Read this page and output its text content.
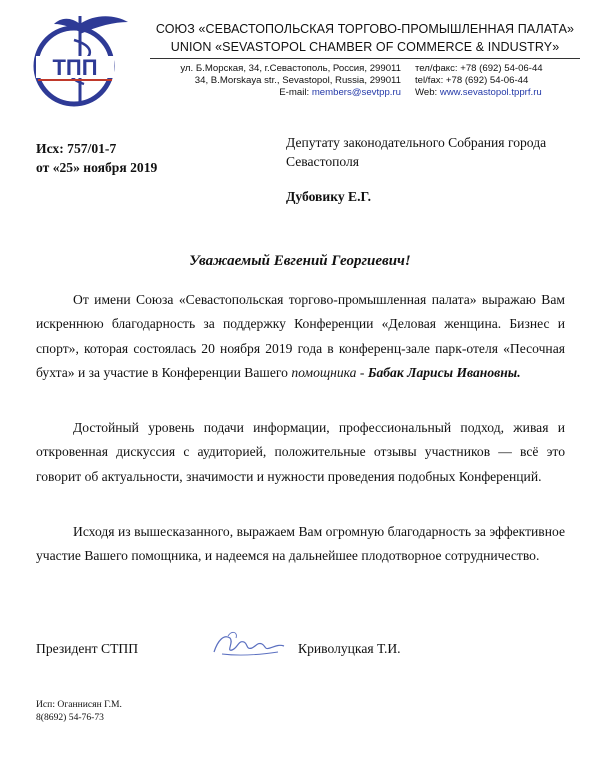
ТПП
СОЮЗ «СЕВАСТОПОЛЬСКАЯ ТОРГОВО-ПРОМЫШЛЕННАЯ ПАЛАТА»
UNION «SEVASTOPOL CHAMBER OF COMMERCE & INDUSTRY»
ул. Б.Морская, 34, г.Севастополь, Россия, 299011
34, B.Morskaya str., Sevastopol, Russia, 299011
E-mail: members@sevtpp.ru
тел/факс: +78 (692) 54-06-44
tel/fax: +78 (692) 54-06-44
Web: www.sevastopol.tpprf.ru
Исх: 757/01-7
от «25» ноября 2019
Депутату законодательного Собрания города
Севастополя
Дубовику Е.Г.
Уважаемый Евгений Георгиевич!
От имени Союза «Севастопольская торгово-промышленная палата» выражаю Вам искреннюю благодарность за поддержку Конференции «Деловая женщина. Бизнес и спорт», которая состоялась 20 ноября 2019 года в конференц-зале парк-отеля «Песочная бухта» и за участие в Конференции Вашего помощника - Бабак Ларисы Ивановны.
Достойный уровень подачи информации, профессиональный подход, живая и откровенная дискуссия с аудиторией, положительные отзывы участников — всё это говорит об актуальности, значимости и нужности проведения подобных Конференций.
Исходя из вышесказанного, выражаем Вам огромную благодарность за эффективное участие Вашего помощника, и надеемся на дальнейшее плодотворное сотрудничество.
Президент СТПП	Криволуцкая Т.И.
Исп: Оганнисян Г.М.
8(8692) 54-76-73
